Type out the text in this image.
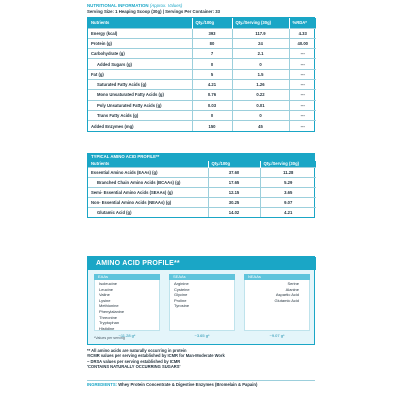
NUTRITIONAL INFORMATION (Approx. Values)
Serving Size: 1 Heaping Scoop (30g) | Servings Per Container: 33
Nutrients	Qty./100g	Qty./Serving (30g)	%RDA*
Energy (kcal)	393	117.9	4.33
Protein (g)	80	24	40.00
Carbohydrate (g)	7	2.1	---
Added Sugars (g)	0	0	---
Fat (g)	5	1.5	---
Saturated Fatty Acids (g)	4.21	1.26	---
Mono Unsaturated Fatty Acids (g)	0.76	0.22	---
Poly Unsaturated Fatty Acids (g)	0.03	0.01	---
Trans Fatty Acids (g)	0	0	---
Added Enzymes (mg)	150	45	---
TYPICAL AMINO ACID PROFILE**
Nutrients	Qty./100g	Qty./Serving (30g)
Essential Amino Acids (EAAs) (g)	37.60	11.28
Branched Chain Amino Acids (BCAAs) (g)	17.65	5.29
Semi- Essential Amino Acids (SEAAs) (g)	12.15	3.65
Non- Essential Amino Acids (NEAAs) (g)	30.25	9.07
Glutamic Acid (g)	14.02	4.21
AMINO ACID PROFILE**
EAAs
Isoleucine
Leucine
Valine
Lysine
Methionine
Phenylalanine
Threonine
Tryptophan
Histidine
~11.28 g*
SEAAs
Arginine
Cysteine
Glycine
Proline
Tyrosine
~3.65 g*
NEAAs
Serine
Alanine
Aspartic Acid
Glutamic Acid
~9.07 g*
*Values per serving
** All amino acids are naturally occurring in protein
#ICMR values per serving established by ICMR for Man-Moderate Work
~ DRSA values per serving established by ICMR
'CONTAINS NATURALLY OCCURRING SUGARS'
INGREDIENTS: Whey Protein Concentrate & Digestive Enzymes (Bromelain & Papain)
